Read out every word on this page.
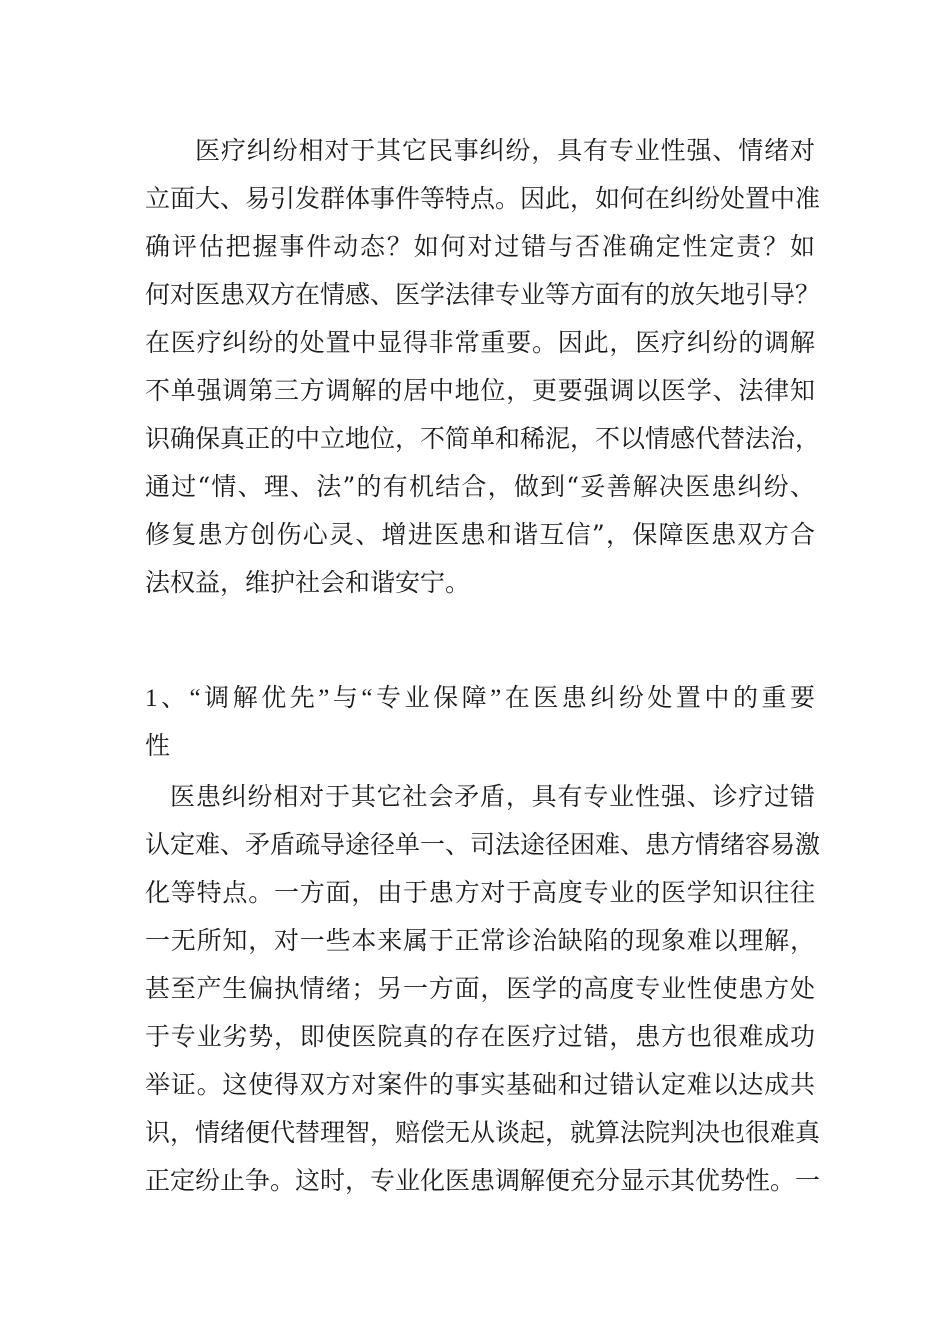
医疗纠纷相对于其它民事纠纷，具有专业性强、情绪对
立面大、易引发群体事件等特点。因此，如何在纠纷处置中准
确评估把握事件动态？如何对过错与否准确定性定责？如
何对医患双方在情感、医学法律专业等方面有的放矢地引导？
在医疗纠纷的处置中显得非常重要。因此，医疗纠纷的调解
不单强调第三方调解的居中地位，更要强调以医学、法律知
识确保真正的中立地位，不简单和稀泥，不以情感代替法治，
通过“情、理、法”的有机结合，做到“妥善解决医患纠纷、
修复患方创伤心灵、增进医患和谐互信”，保障医患双方合
法权益，维护社会和谐安宁。
1、“调解优先”与“专业保障”在医患纠纷处置中的重要
性
医患纠纷相对于其它社会矛盾，具有专业性强、诊疗过错
认定难、矛盾疏导途径单一、司法途径困难、患方情绪容易激
化等特点。一方面，由于患方对于高度专业的医学知识往往
一无所知，对一些本来属于正常诊治缺陷的现象难以理解，
甚至产生偏执情绪；另一方面，医学的高度专业性使患方处
于专业劣势，即使医院真的存在医疗过错，患方也很难成功
举证。这使得双方对案件的事实基础和过错认定难以达成共
识，情绪便代替理智，赔偿无从谈起，就算法院判决也很难真
正定纷止争。这时，专业化医患调解便充分显示其优势性。一
